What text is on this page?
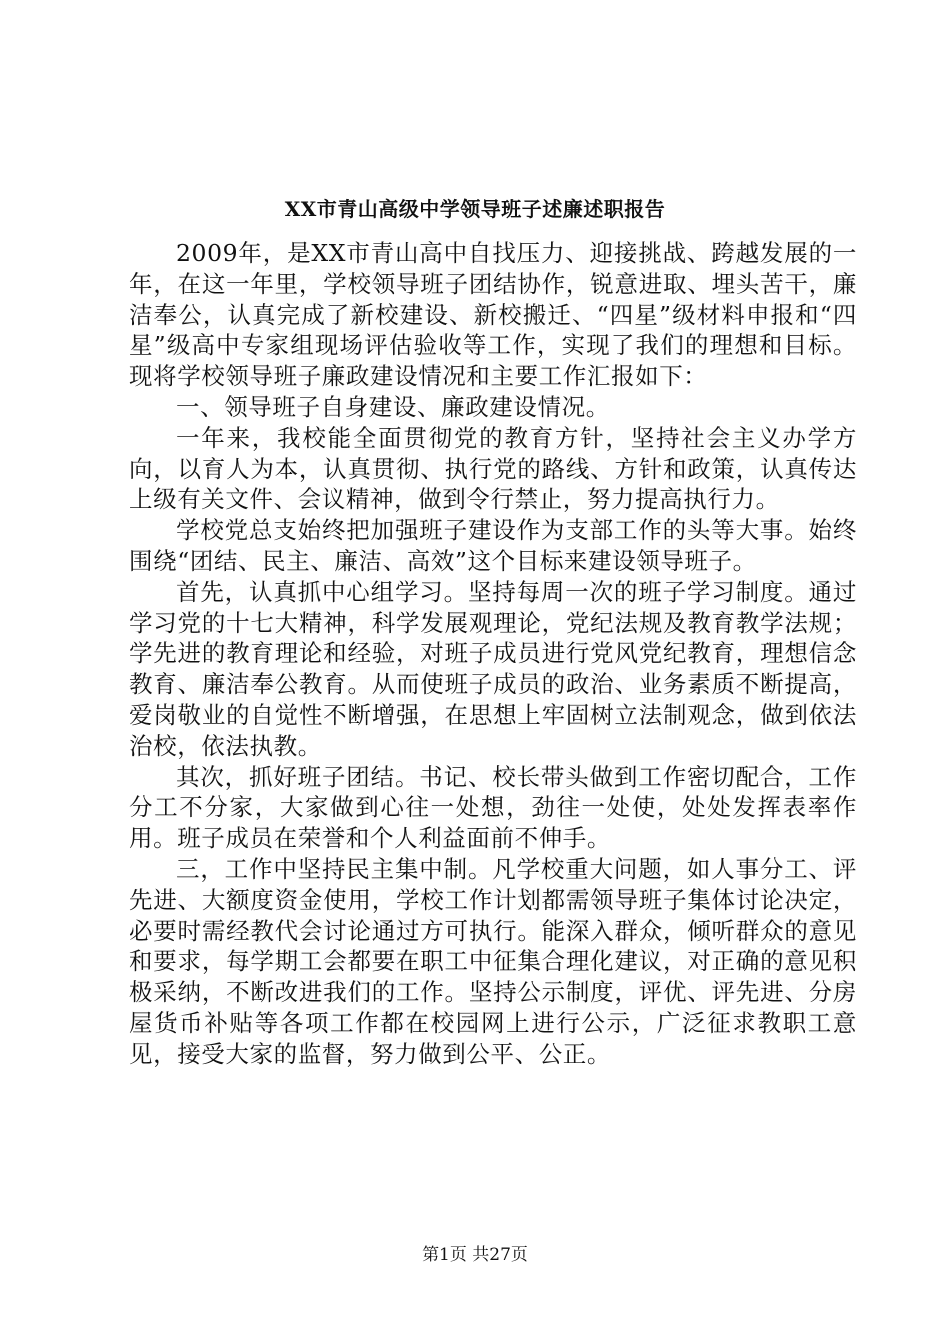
XX市青山高级中学领导班子述廉述职报告

2009年，是XX市青山高中自找压力、迎接挑战、跨越发展的一年，在这一年里，学校领导班子团结协作，锐意进取、埋头苦干，廉洁奉公，认真完成了新校建设、新校搬迁、“四星”级材料申报和“四星”级高中专家组现场评估验收等工作，实现了我们的理想和目标。现将学校领导班子廉政建设情况和主要工作汇报如下：

一、领导班子自身建设、廉政建设情况。

一年来，我校能全面贯彻党的教育方针，坚持社会主义办学方向，以育人为本，认真贯彻、执行党的路线、方针和政策，认真传达上级有关文件、会议精神，做到令行禁止，努力提高执行力。

学校党总支始终把加强班子建设作为支部工作的头等大事。始终围绕“团结、民主、廉洁、高效”这个目标来建设领导班子。

首先，认真抓中心组学习。坚持每周一次的班子学习制度。通过学习党的十七大精神，科学发展观理论，党纪法规及教育教学法规；学先进的教育理论和经验，对班子成员进行党风党纪教育，理想信念教育、廉洁奉公教育。从而使班子成员的政治、业务素质不断提高，爱岗敬业的自觉性不断增强，在思想上牢固树立法制观念，做到依法治校，依法执教。

其次，抓好班子团结。书记、校长带头做到工作密切配合，工作分工不分家，大家做到心往一处想，劲往一处使，处处发挥表率作用。班子成员在荣誉和个人利益面前不伸手。

三，工作中坚持民主集中制。凡学校重大问题，如人事分工、评先进、大额度资金使用，学校工作计划都需领导班子集体讨论决定，必要时需经教代会讨论通过方可执行。能深入群众，倾听群众的意见和要求，每学期工会都要在职工中征集合理化建议，对正确的意见积极采纳，不断改进我们的工作。坚持公示制度，评优、评先进、分房屋货币补贴等各项工作都在校园网上进行公示，广泛征求教职工意见，接受大家的监督，努力做到公平、公正。

第1页 共27页
